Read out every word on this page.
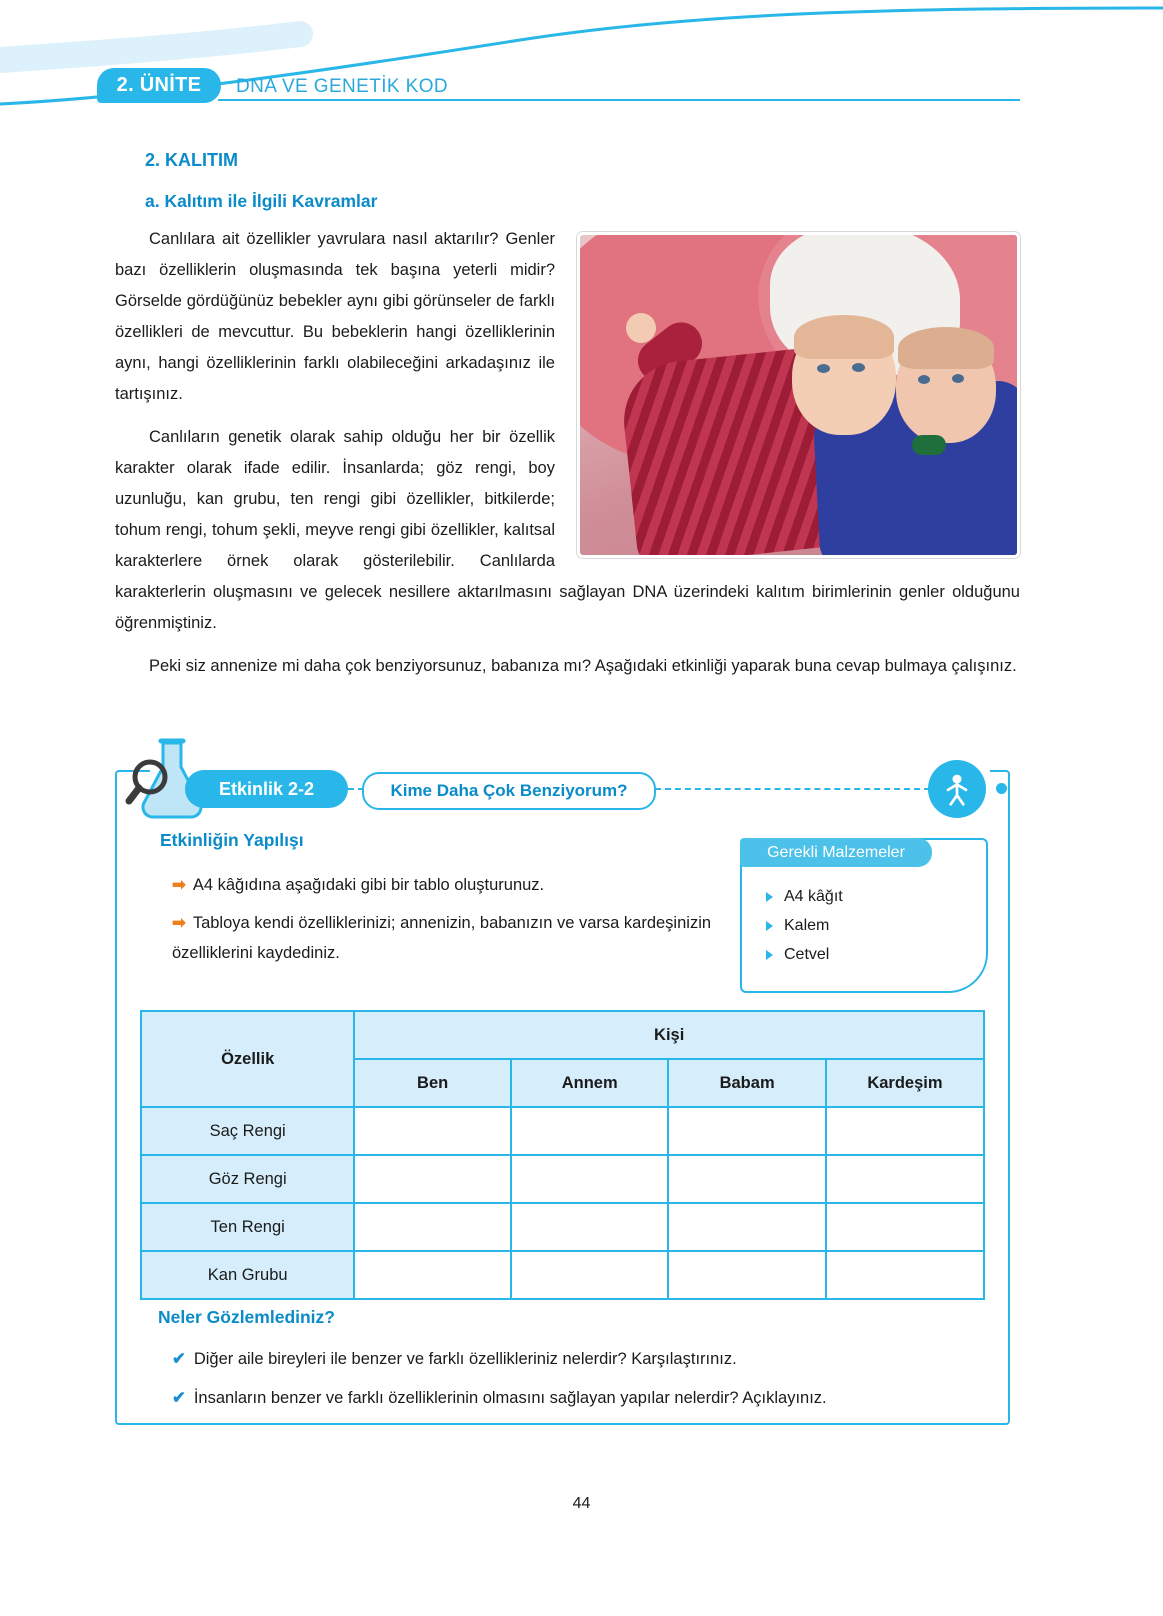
2. ÜNİTE	DNA VE GENETİK KOD
2. KALITIM
a. Kalıtım ile İlgili Kavramlar

Canlılara ait özellikler yavrulara nasıl aktarılır? Genler bazı özelliklerin oluşmasında tek başına yeterli midir? Görselde gördüğünüz bebekler aynı gibi görünseler de farklı özellikleri de mevcuttur. Bu bebeklerin hangi özelliklerinin aynı, hangi özelliklerinin farklı olabileceğini arkadaşınız ile tartışınız.

Canlıların genetik olarak sahip olduğu her bir özellik karakter olarak ifade edilir. İnsanlarda; göz rengi, boy uzunluğu, kan grubu, ten rengi gibi özellikler, bitkilerde; tohum rengi, tohum şekli, meyve rengi gibi özellikler, kalıtsal karakterlere örnek olarak gösterilebilir. Canlılarda karakterlerin oluşmasını ve gelecek nesillere aktarılmasını sağlayan DNA üzerindeki kalıtım birimlerinin genler olduğunu öğrenmiştiniz.

Peki siz annenize mi daha çok benziyorsunuz, babanıza mı? Aşağıdaki etkinliği yaparak buna cevap bulmaya çalışınız.

Etkinlik 2-2	Kime Daha Çok Benziyorum?
Etkinliğin Yapılışı
➡ A4 kâğıdına aşağıdaki gibi bir tablo oluşturunuz.
➡ Tabloya kendi özelliklerinizi; annenizin, babanızın ve varsa kardeşinizin özelliklerini kaydediniz.
A4 kâğıt
Kalem
Cetvel
Gerekli Malzemeler
Özellik	Kişi			
	Ben	Annem	Babam	Kardeşim
Saç Rengi				
Göz Rengi				
Ten Rengi				
Kan Grubu				
Neler Gözlemlediniz?
✔ Diğer aile bireyleri ile benzer ve farklı özellikleriniz nelerdir? Karşılaştırınız.
✔ İnsanların benzer ve farklı özelliklerinin olmasını sağlayan yapılar nelerdir? Açıklayınız.
44
